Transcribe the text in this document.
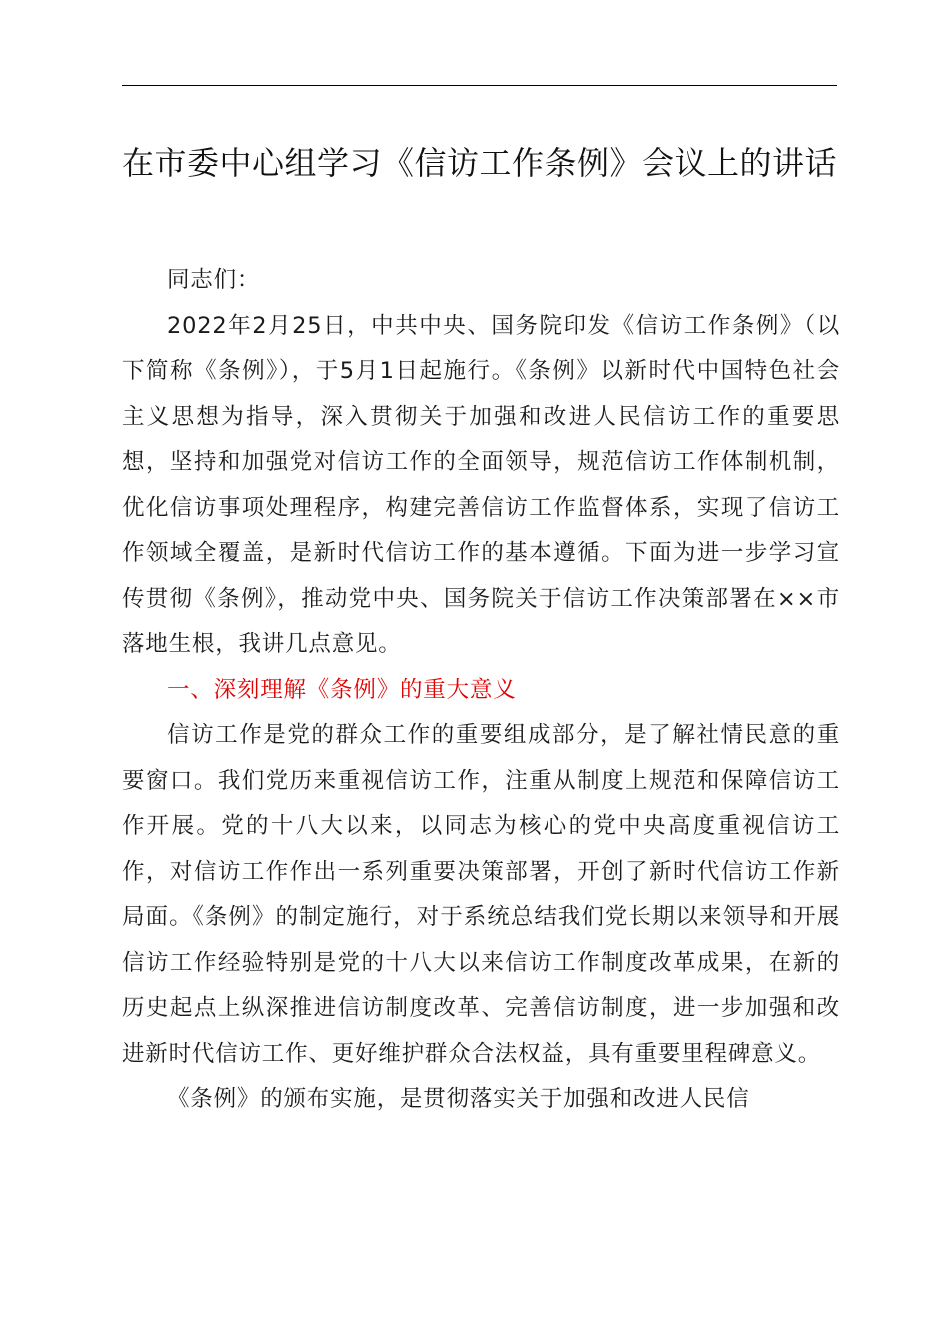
在市委中心组学习《信访工作条例》会议上的讲话

同志们：

2022年2月25日，中共中央、国务院印发《信访工作条例》（以下简称《条例》），于5月1日起施行。《条例》以新时代中国特色社会主义思想为指导，深入贯彻关于加强和改进人民信访工作的重要思想，坚持和加强党对信访工作的全面领导，规范信访工作体制机制，优化信访事项处理程序，构建完善信访工作监督体系，实现了信访工作领域全覆盖，是新时代信访工作的基本遵循。下面为进一步学习宣传贯彻《条例》，推动党中央、国务院关于信访工作决策部署在××市落地生根，我讲几点意见。

一、深刻理解《条例》的重大意义

信访工作是党的群众工作的重要组成部分，是了解社情民意的重要窗口。我们党历来重视信访工作，注重从制度上规范和保障信访工作开展。党的十八大以来，以同志为核心的党中央高度重视信访工作，对信访工作作出一系列重要决策部署，开创了新时代信访工作新局面。《条例》的制定施行，对于系统总结我们党长期以来领导和开展信访工作经验特别是党的十八大以来信访工作制度改革成果，在新的历史起点上纵深推进信访制度改革、完善信访制度，进一步加强和改进新时代信访工作、更好维护群众合法权益，具有重要里程碑意义。

《条例》的颁布实施，是贯彻落实关于加强和改进人民信
